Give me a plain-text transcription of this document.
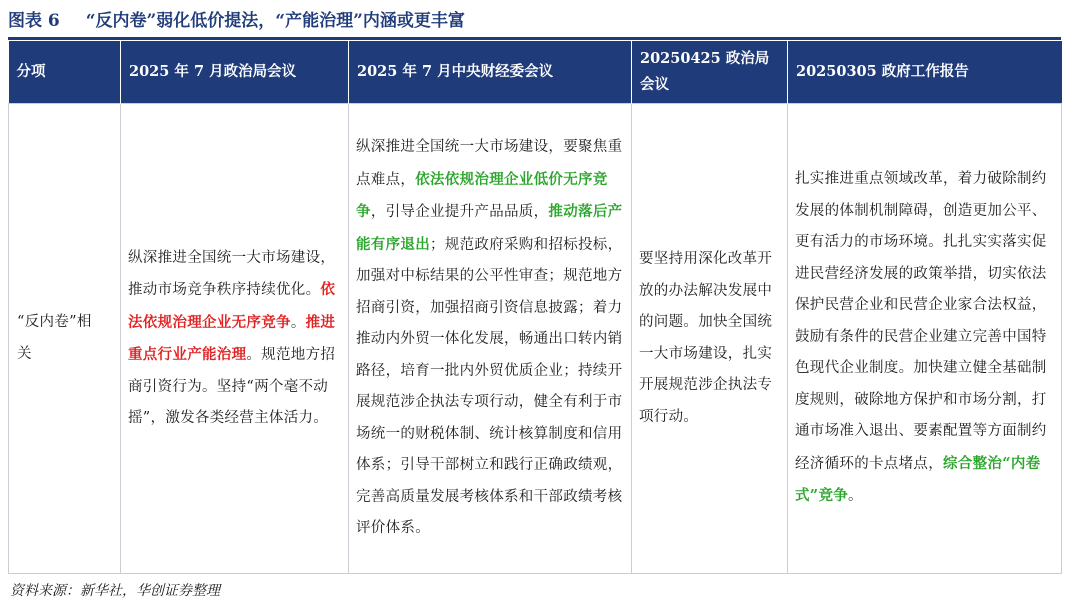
图表 6 “反内卷”弱化低价提法，“产能治理”内涵或更丰富
分项	2025 年 7 月政治局会议	2025 年 7 月中央财经委会议	20250425 政治局会议	20250305 政府工作报告
“反内卷”相关	纵深推进全国统一大市场建设，推动市场竞争秩序持续优化。依法依规治理企业无序竞争。推进重点行业产能治理。规范地方招商引资行为。坚持“两个毫不动摇”，激发各类经营主体活力。	纵深推进全国统一大市场建设，要聚焦重点难点，依法依规治理企业低价无序竞争，引导企业提升产品品质，推动落后产能有序退出；规范政府采购和招标投标，加强对中标结果的公平性审查；规范地方招商引资，加强招商引资信息披露；着力推动内外贸一体化发展，畅通出口转内销路径，培育一批内外贸优质企业；持续开展规范涉企执法专项行动，健全有利于市场统一的财税体制、统计核算制度和信用体系；引导干部树立和践行正确政绩观，完善高质量发展考核体系和干部政绩考核评价体系。	要坚持用深化改革开放的办法解决发展中的问题。加快全国统一大市场建设，扎实开展规范涉企执法专项行动。	扎实推进重点领域改革，着力破除制约发展的体制机制障碍，创造更加公平、更有活力的市场环境。扎扎实实落实促进民营经济发展的政策举措，切实依法保护民营企业和民营企业家合法权益，鼓励有条件的民营企业建立完善中国特色现代企业制度。加快建立健全基础制度规则，破除地方保护和市场分割，打通市场准入退出、要素配置等方面制约经济循环的卡点堵点，综合整治“内卷式”竞争。
资料来源：新华社，华创证券整理
